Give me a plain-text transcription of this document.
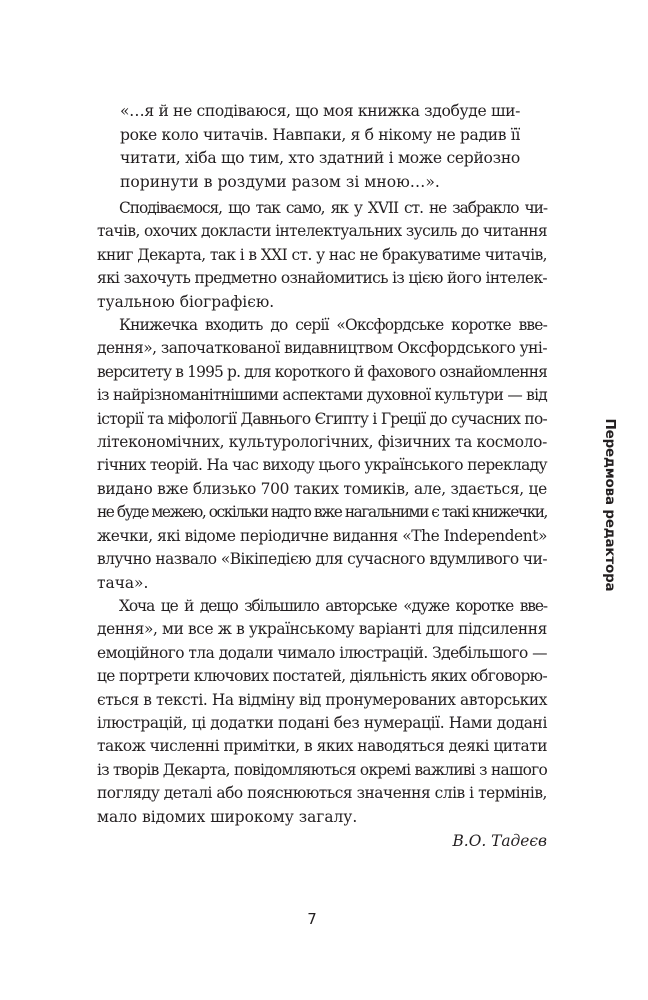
«…я й не сподіваюся, що моя книжка здобуде ши-
роке коло читачів. Навпаки, я б нікому не радив її
читати, хіба що тим, хто здатний і може серйозно
поринути в роздуми разом зі мною…».
Сподіваємося, що так само, як у XVII ст. не забракло чи-
тачів, охочих докласти інтелектуальних зусиль до читання
книг Декарта, так і в XXI ст. у нас не бракуватиме читачів,
які захочуть предметно ознайомитись із цією його інтелек-
туальною біографією.
Книжечка входить до серії «Оксфордське коротке вве-
дення», започаткованої видавництвом Оксфордського уні-
верситету в 1995 р. для короткого й фахового ознайомлення
із найрізноманітнішими аспектами духовної культури — від
історії та міфології Давнього Єгипту і Греції до сучасних по-
літекономічних, культурологічних, фізичних та космоло-
гічних теорій. На час виходу цього українського перекладу
видано вже близько 700 таких томиків, але, здається, це
не буде межею, оскільки надто вже нагальними є такі книжечки,
жечки, які відоме періодичне видання «The Independent»
влучно назвало «Вікіпедією для сучасного вдумливого чи-
тача».
Хоча це й дещо збільшило авторське «дуже коротке вве-
дення», ми все ж в українському варіанті для підсилення
емоційного тла додали чимало ілюстрацій. Здебільшого —
це портрети ключових постатей, діяльність яких обговорю-
ється в тексті. На відміну від пронумерованих авторських
ілюстрацій, ці додатки подані без нумерації. Нами додані
також численні примітки, в яких наводяться деякі цитати
із творів Декарта, повідомляються окремі важливі з нашого
погляду деталі або пояснюються значення слів і термінів,
мало відомих широкому загалу.
В.О. Тадеєв
Передмова редактора
7
